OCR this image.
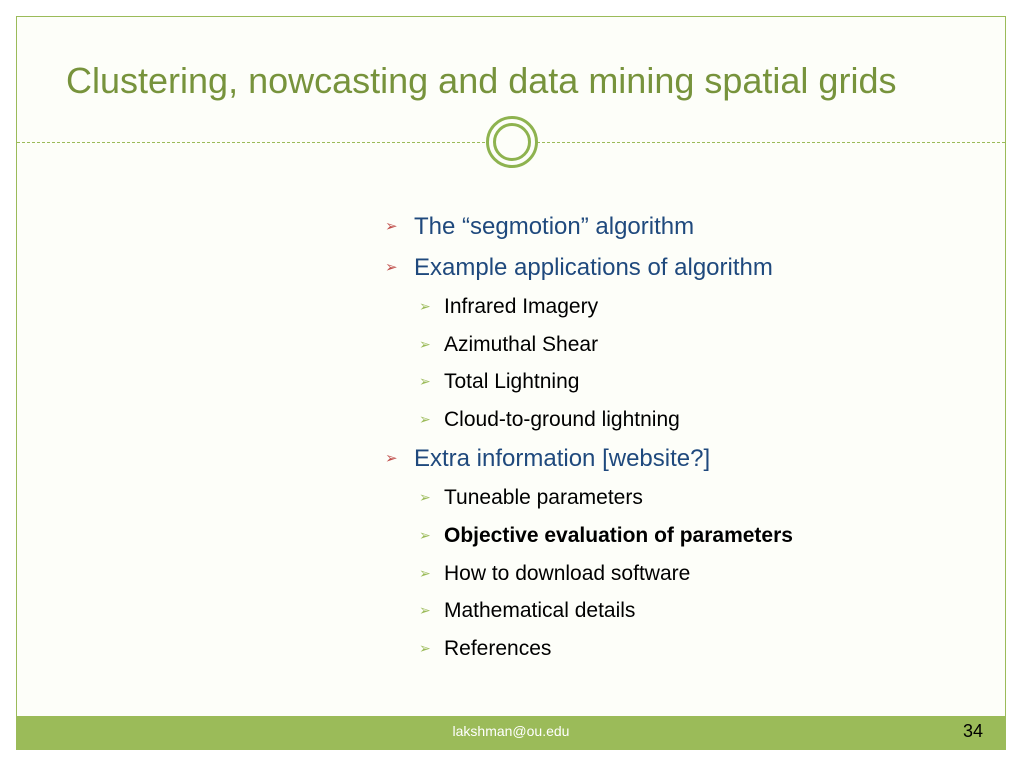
Clustering, nowcasting and data mining spatial grids
➢ The “segmotion” algorithm
➢ Example applications of algorithm
➢ Infrared Imagery
➢ Azimuthal Shear
➢ Total Lightning
➢ Cloud-to-ground lightning
➢ Extra information [website?]
➢ Tuneable parameters
➢ Objective evaluation of parameters
➢ How to download software
➢ Mathematical details
➢ References
lakshman@ou.edu	34
